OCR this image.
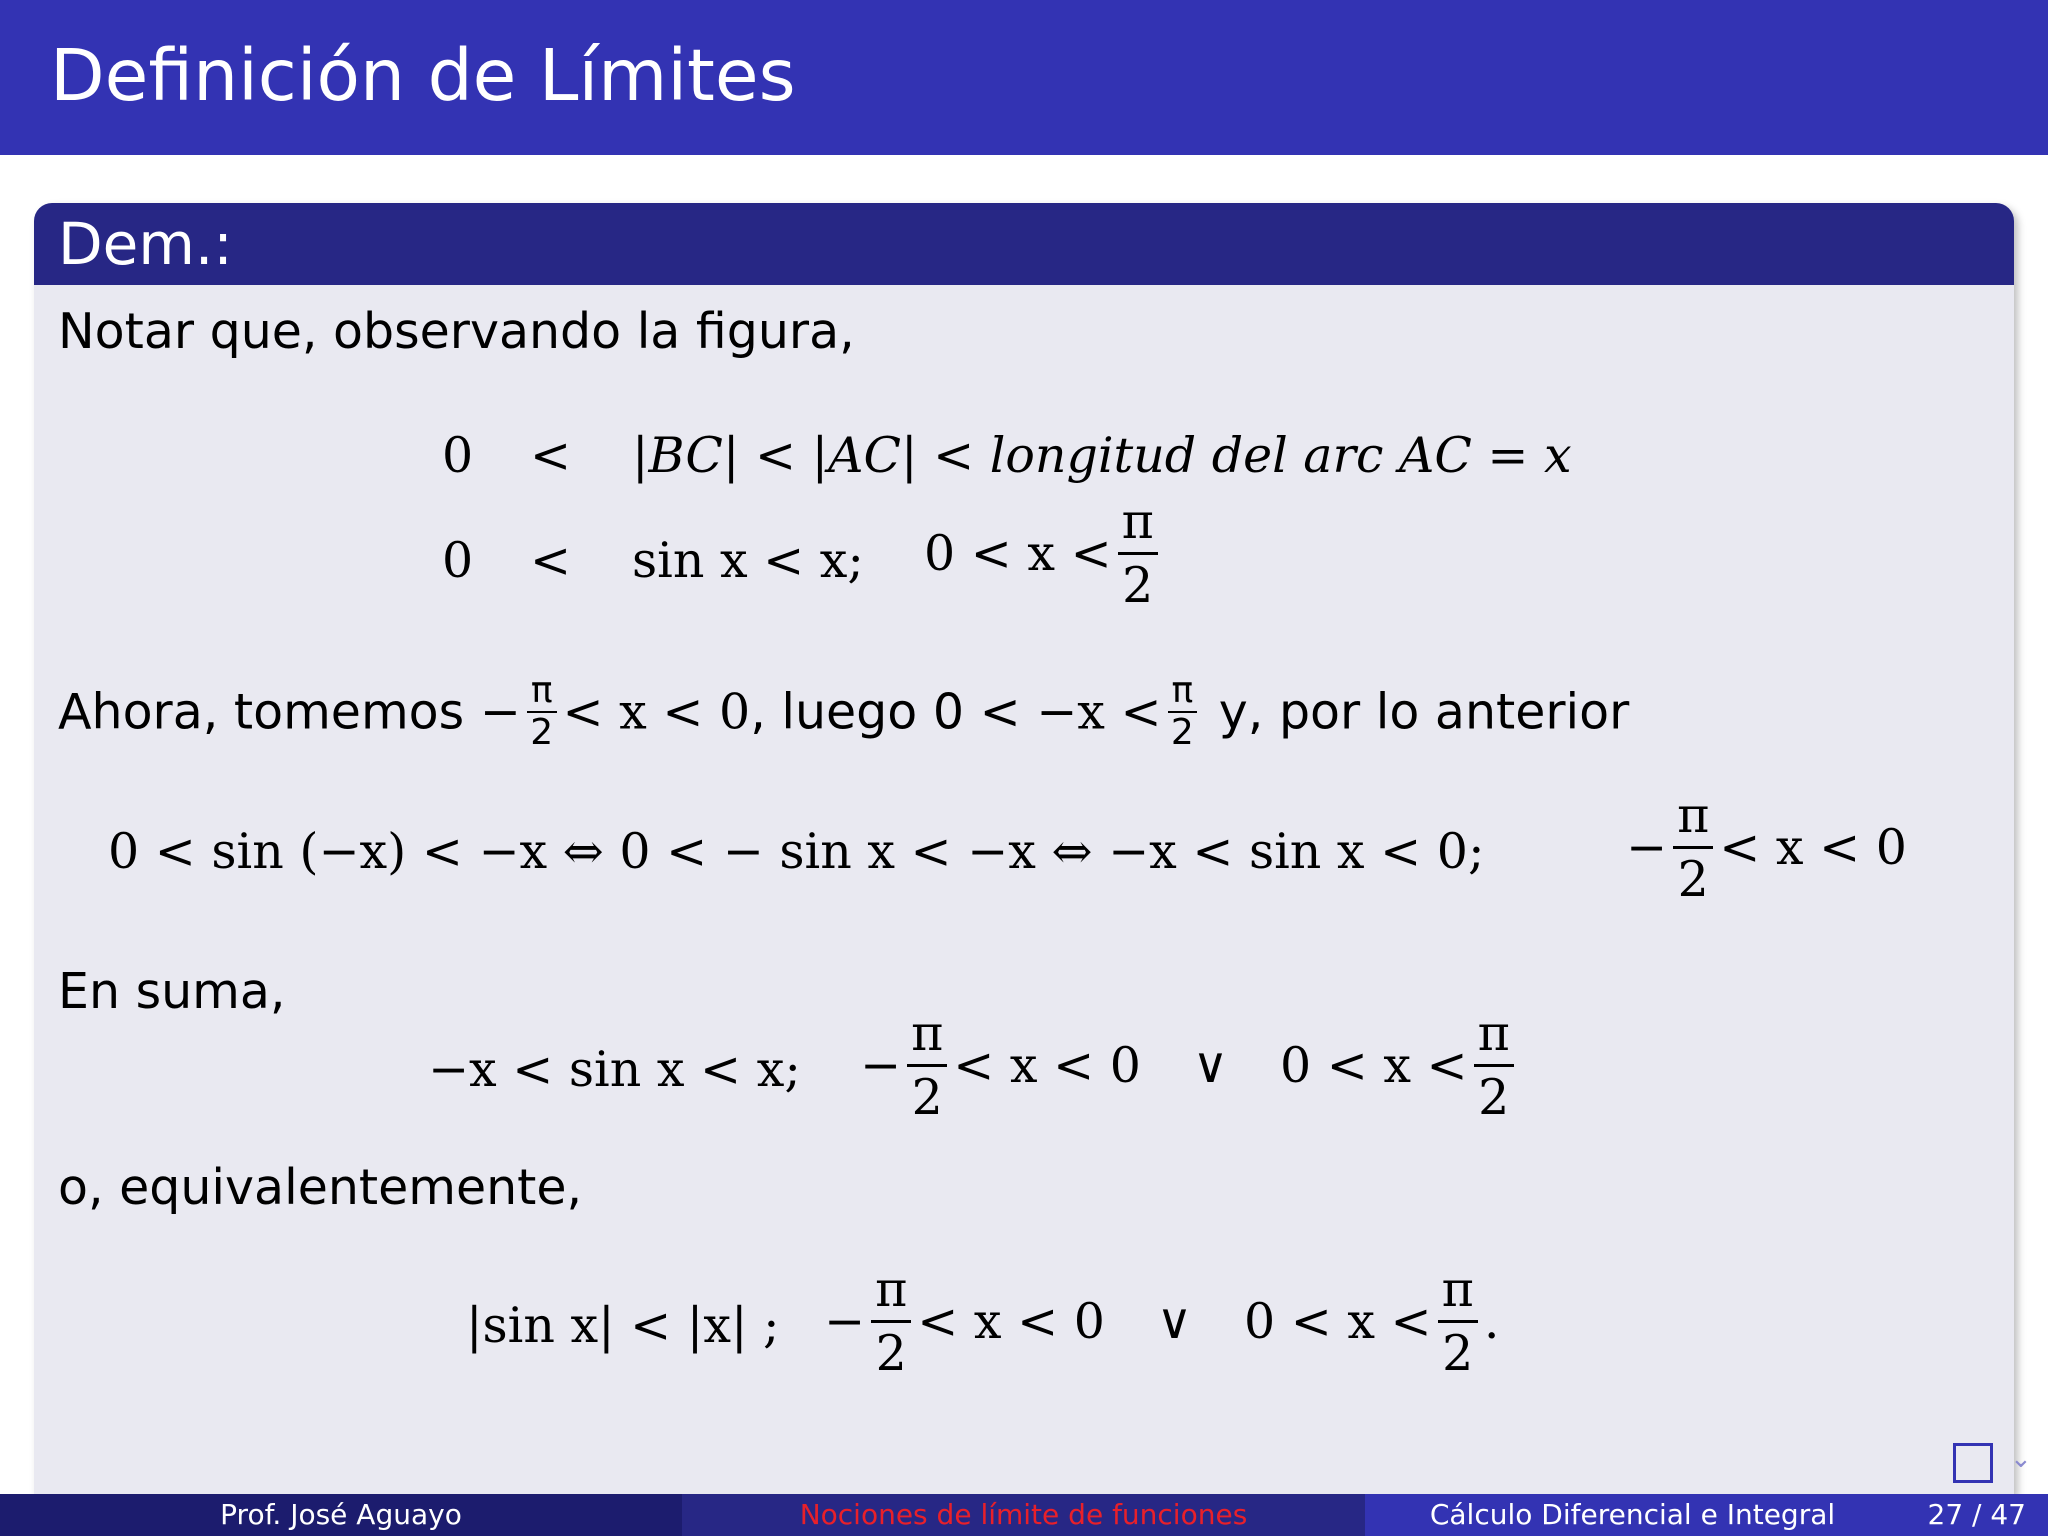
Definición de Límites
Dem.:
Notar que, observando la figura,
0 < |BC| < |AC| < longitud del arc AC = x
0 < sin x < x; $0 < x < \frac{\pi}{2}$
Ahora, tomemos − $\frac{\pi}{2} < x < 0$, luego $0 < -x < \frac{\pi}{2} y$, por lo anterior
0 < sin (−x) < −x ⇔ 0 < − sin x < −x ⇔ −x < sin x < 0;	− $\frac{\pi}{2} < x < 0$
En suma,
−x < sin x < x; − $\frac{\pi}{2} < x < 0$ ∨ $0 < x < \frac{\pi}{2}$
o, equivalentemente,
|sin x| < |x| ; − $\frac{\pi}{2} < x < 0$ ∨ $0 < x < \frac{\pi}{2}$ .
⌄
Prof. José Aguayo	Nociones de límite de funciones	Cálculo Diferencial e Integral	27 / 47
